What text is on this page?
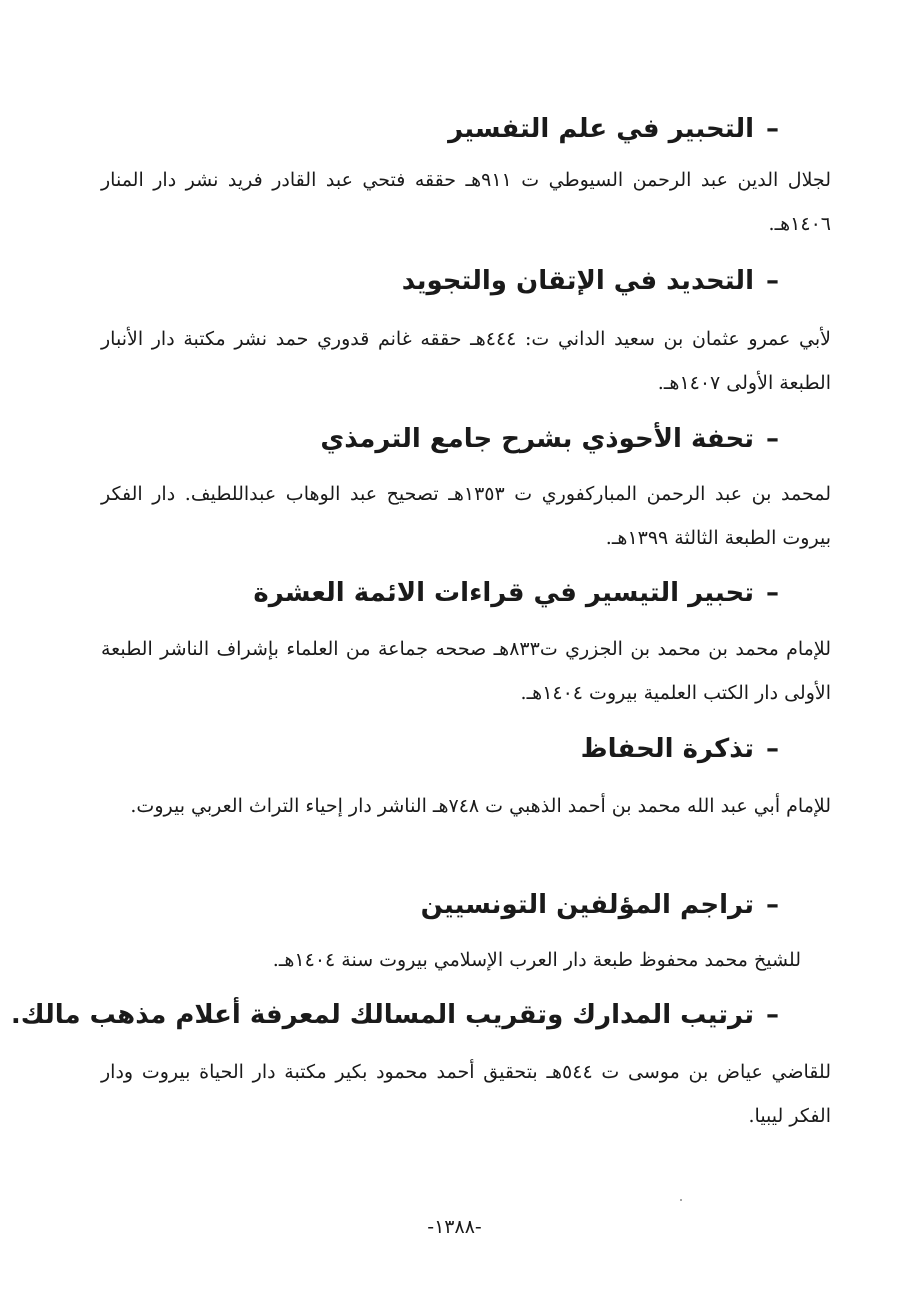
–التحبير في علم التفسير
لجلال الدين عبد الرحمن السيوطي ت ٩١١هـ حققه فتحي عبد القادر فريد نشر دار المنار ١٤٠٦هـ.
–التحديد في الإتقان والتجويد
لأبي عمرو عثمان بن سعيد الداني ت: ٤٤٤هـ حققه غانم قدوري حمد نشر مكتبة دار الأنبار الطبعة الأولى ١٤٠٧هـ.
–تحفة الأحوذي بشرح جامع الترمذي
لمحمد بن عبد الرحمن المباركفوري ت ١٣٥٣هـ تصحيح عبد الوهاب عبداللطيف. دار الفكر بيروت الطبعة الثالثة ١٣٩٩هـ.
–تحبير التيسير في قراءات الائمة العشرة
للإمام محمد بن محمد بن الجزري ت٨٣٣هـ صححه جماعة من العلماء بإشراف الناشر الطبعة الأولى دار الكتب العلمية بيروت ١٤٠٤هـ.
–تذكرة الحفاظ
للإمام أبي عبد الله محمد بن أحمد الذهبي ت ٧٤٨هـ الناشر دار إحياء التراث العربي بيروت.
–تراجم المؤلفين التونسيين
للشيخ محمد محفوظ طبعة دار العرب الإسلامي بيروت سنة ١٤٠٤هـ.
–ترتيب المدارك وتقريب المسالك لمعرفة أعلام مذهب مالك.
للقاضي عياض بن موسى ت ٥٤٤هـ بتحقيق أحمد محمود بكير مكتبة دار الحياة بيروت ودار الفكر ليبيا.
-١٣٨٨-
